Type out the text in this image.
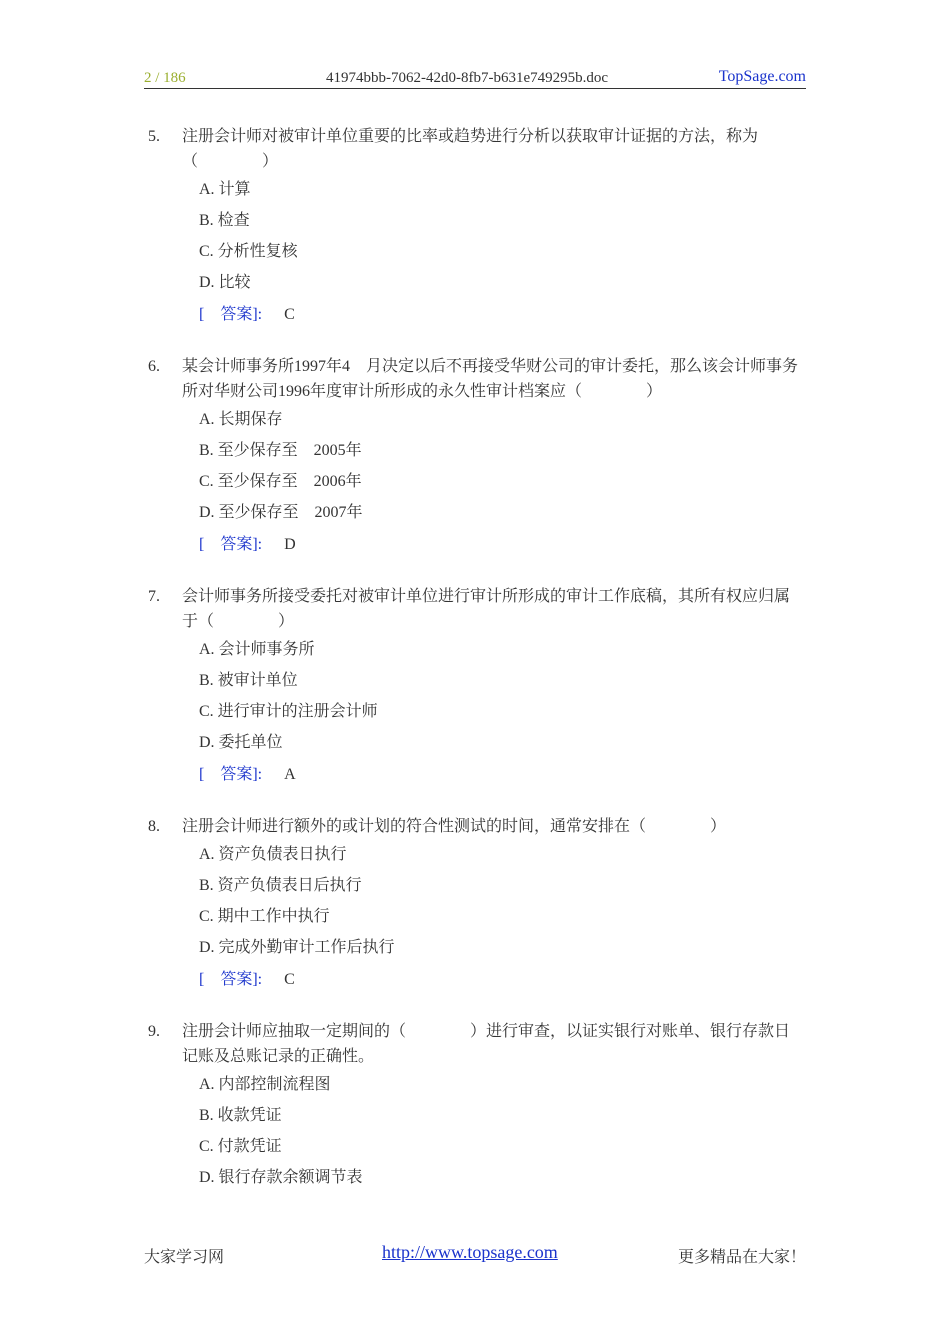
2 / 186	41974bbb-7062-42d0-8fb7-b631e749295b.doc	TopSage.com
5.	注册会计师对被审计单位重要的比率或趋势进行分析以获取审计证据的方法，称为（　　　　）
A. 计算
B. 检查
C. 分析性复核
D. 比较
[　答案]: C
6.	某会计师事务所1997年4　月决定以后不再接受华财公司的审计委托，那么该会计师事务所对华财公司1996年度审计所形成的永久性审计档案应（　　　　）
A. 长期保存
B. 至少保存至　2005年
C. 至少保存至　2006年
D. 至少保存至　2007年
[　答案]: D
7.	会计师事务所接受委托对被审计单位进行审计所形成的审计工作底稿，其所有权应归属于（　　　　）
A. 会计师事务所
B. 被审计单位
C. 进行审计的注册会计师
D. 委托单位
[　答案]: A
8.	注册会计师进行额外的或计划的符合性测试的时间，通常安排在（　　　　）
A. 资产负债表日执行
B. 资产负债表日后执行
C. 期中工作中执行
D. 完成外勤审计工作后执行
[　答案]: C
9.	注册会计师应抽取一定期间的（　　　　）进行审查，以证实银行对账单、银行存款日记账及总账记录的正确性。
A. 内部控制流程图
B. 收款凭证
C. 付款凭证
D. 银行存款余额调节表
大家学习网	http://www.topsage.com	更多精品在大家！
